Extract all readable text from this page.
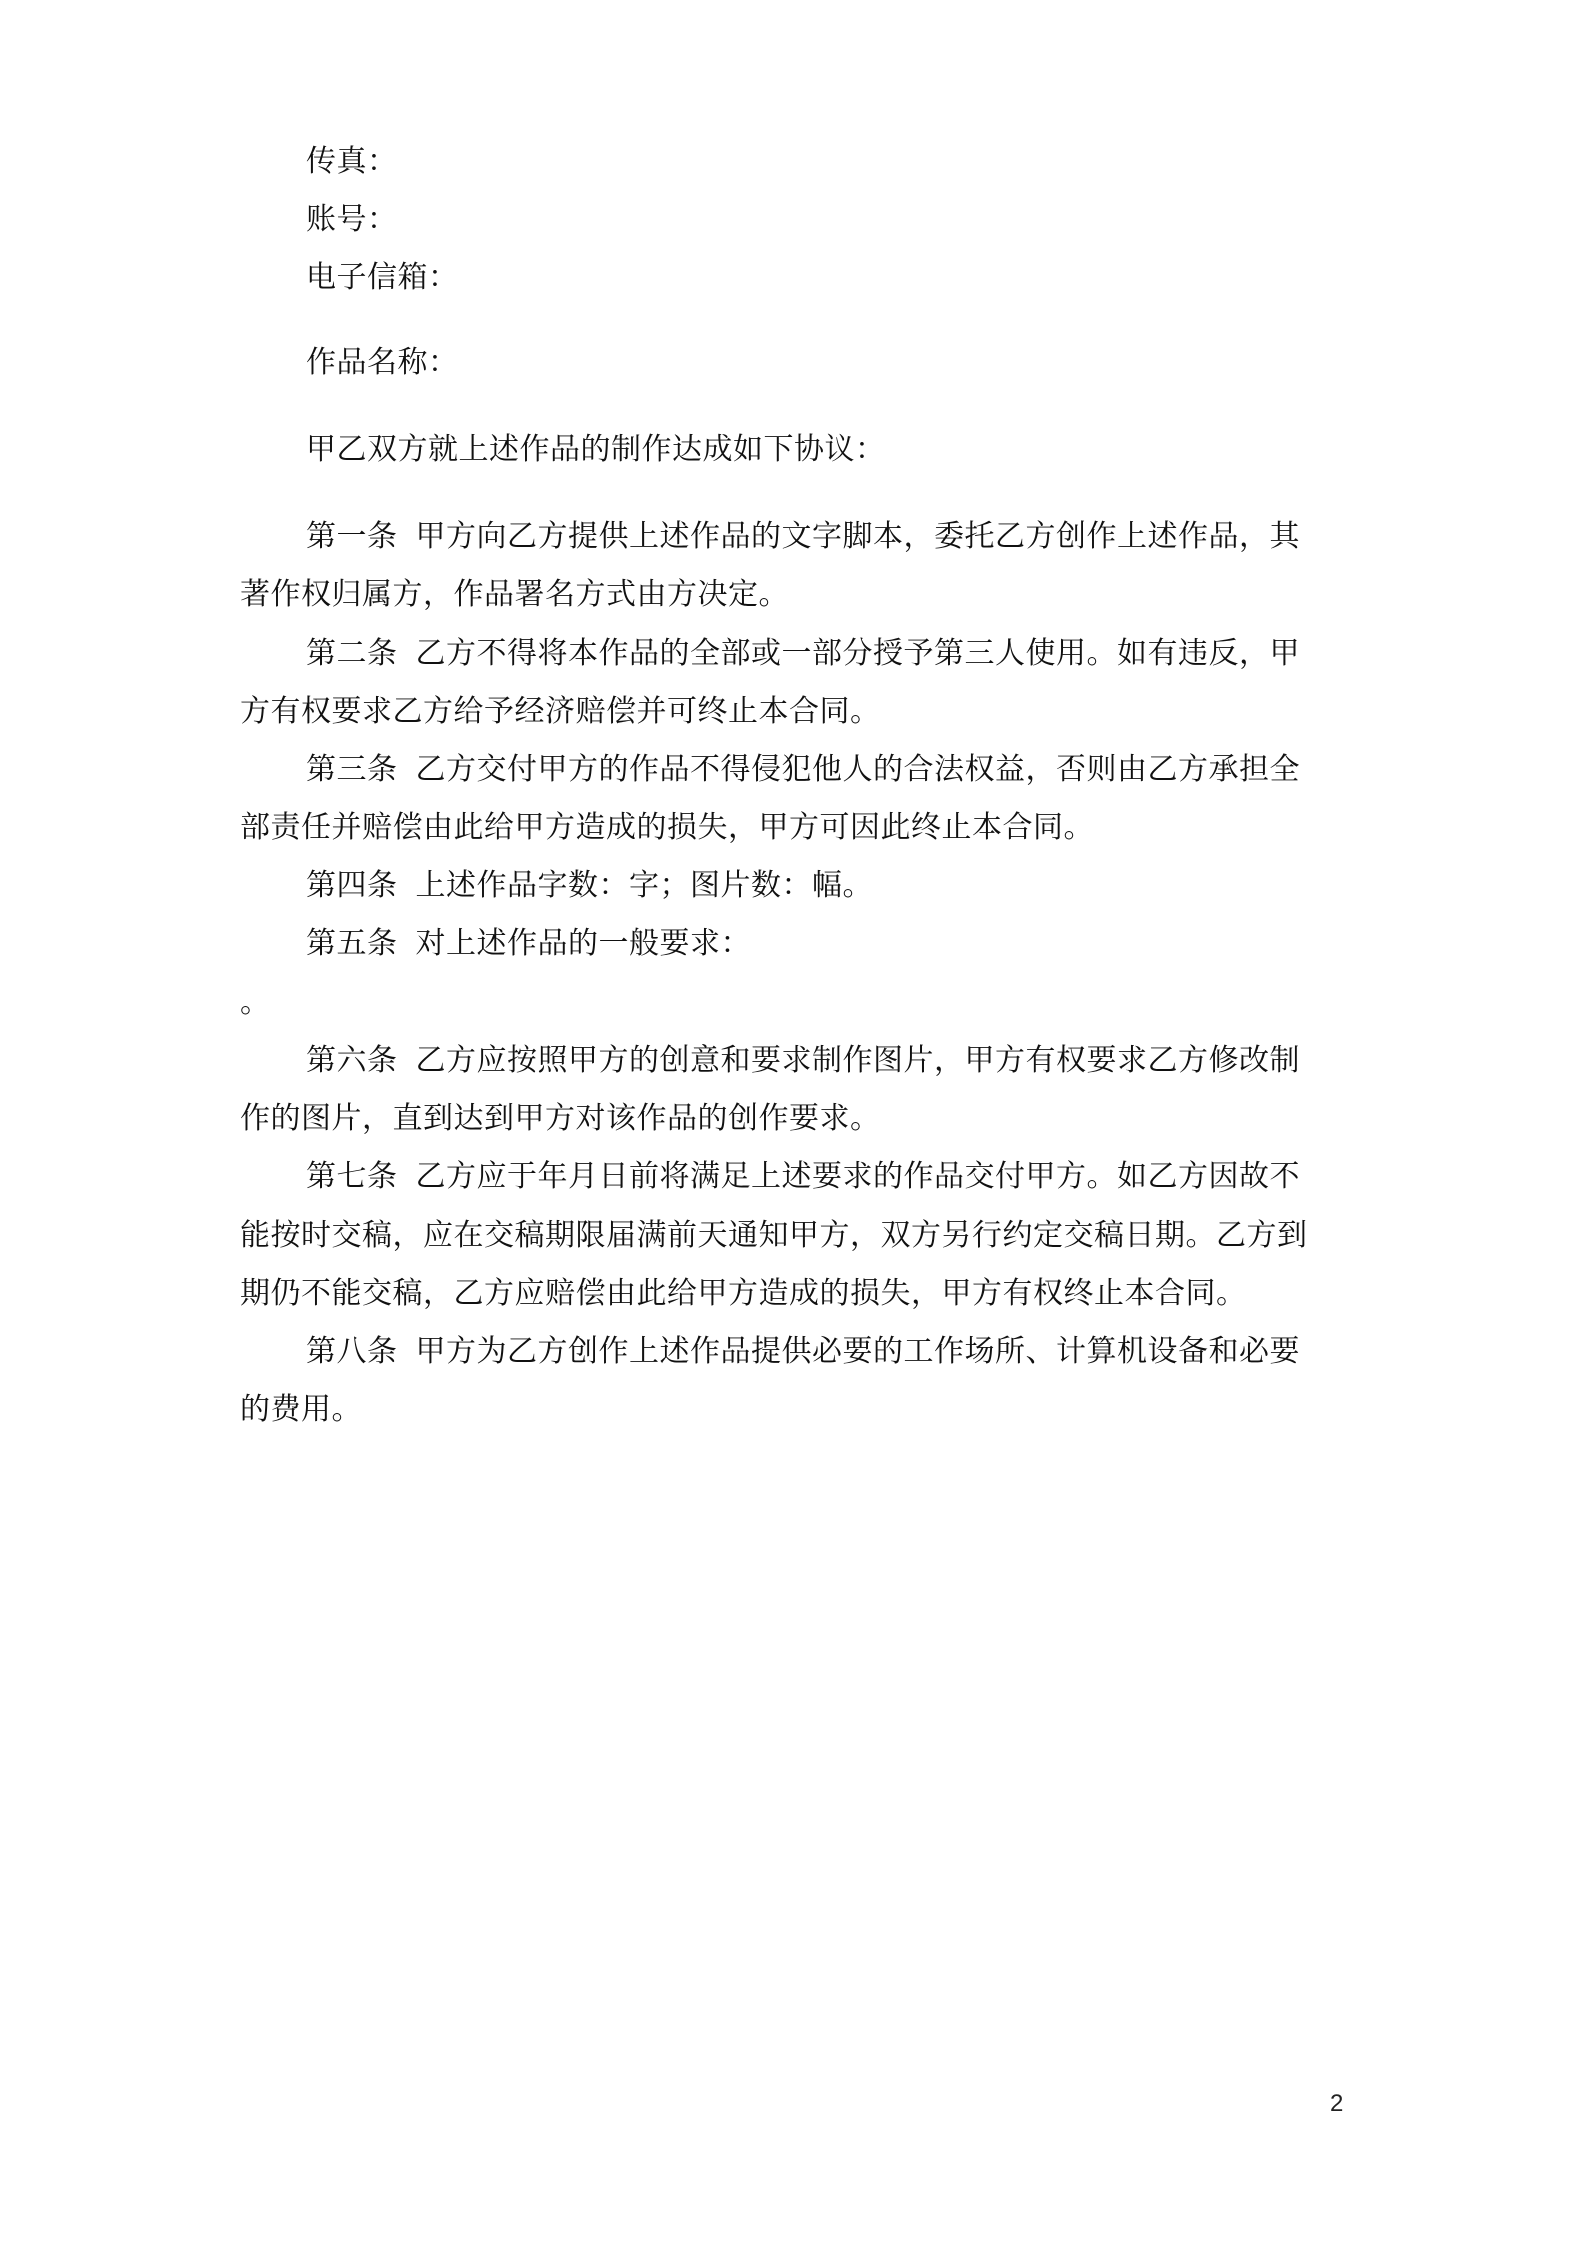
传真：
账号：
电子信箱：
作品名称：
甲乙双方就上述作品的制作达成如下协议：
第一条 甲方向乙方提供上述作品的文字脚本，委托乙方创作上述作品，其
著作权归属方，作品署名方式由方决定。
第二条 乙方不得将本作品的全部或一部分授予第三人使用。如有违反，甲
方有权要求乙方给予经济赔偿并可终止本合同。
第三条 乙方交付甲方的作品不得侵犯他人的合法权益，否则由乙方承担全
部责任并赔偿由此给甲方造成的损失，甲方可因此终止本合同。
第四条 上述作品字数：字；图片数：幅。
第五条 对上述作品的一般要求：
。
第六条 乙方应按照甲方的创意和要求制作图片，甲方有权要求乙方修改制
作的图片，直到达到甲方对该作品的创作要求。
第七条 乙方应于年月日前将满足上述要求的作品交付甲方。如乙方因故不
能按时交稿，应在交稿期限届满前天通知甲方，双方另行约定交稿日期。乙方到
期仍不能交稿，乙方应赔偿由此给甲方造成的损失，甲方有权终止本合同。
第八条 甲方为乙方创作上述作品提供必要的工作场所、计算机设备和必要
的费用。
2
